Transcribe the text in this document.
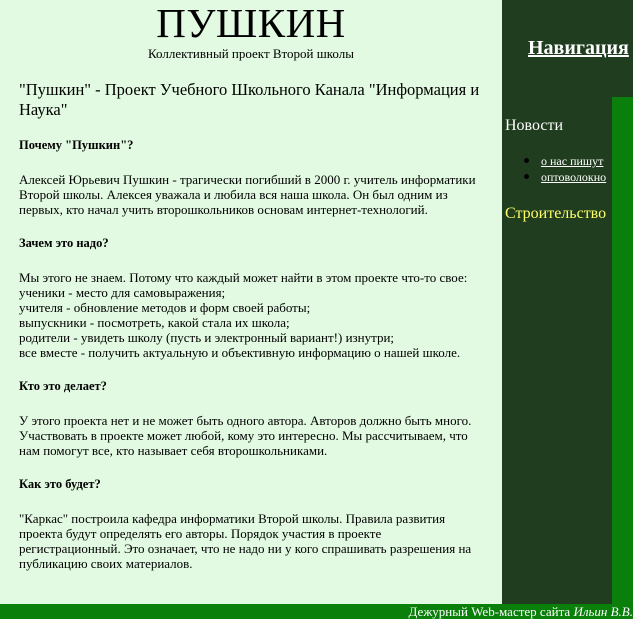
ПУШКИН
Коллективный проект Второй школы
"Пушкин" - Проект Учебного Школьного Канала "Информация и Наука"
Почему "Пушкин"?
Алексей Юрьевич Пушкин - трагически погибший в 2000 г. учитель информатики
Второй школы. Алексея уважала и любила вся наша школа. Он был одним из
первых, кто начал учить второшкольников основам интернет-технологий.
Зачем это надо?
Мы этого не знаем. Потому что каждый может найти в этом проекте что-то свое:
ученики - место для самовыражения;
учителя - обновление методов и форм своей работы;
выпускники - посмотреть, какой стала их школа;
родители - увидеть школу (пусть и электронный вариант!) изнутри;
все вместе - получить актуальную и объективную информацию о нашей школе.
Кто это делает?
У этого проекта нет и не может быть одного автора. Авторов должно быть много.
Участвовать в проекте может любой, кому это интересно. Мы рассчитываем, что
нам помогут все, кто называет себя второшкольниками.
Как это будет?
"Каркас" построила кафедра информатики Второй школы. Правила развития
проекта будут определять его авторы. Порядок участия в проекте
регистрационный. Это означает, что не надо ни у кого спрашивать разрешения на
публикацию своих материалов.
Навигация
Новости
о нас пишут
оптоволокно
Строительство
Дежурный Web-мастер сайта Ильин В.В.
